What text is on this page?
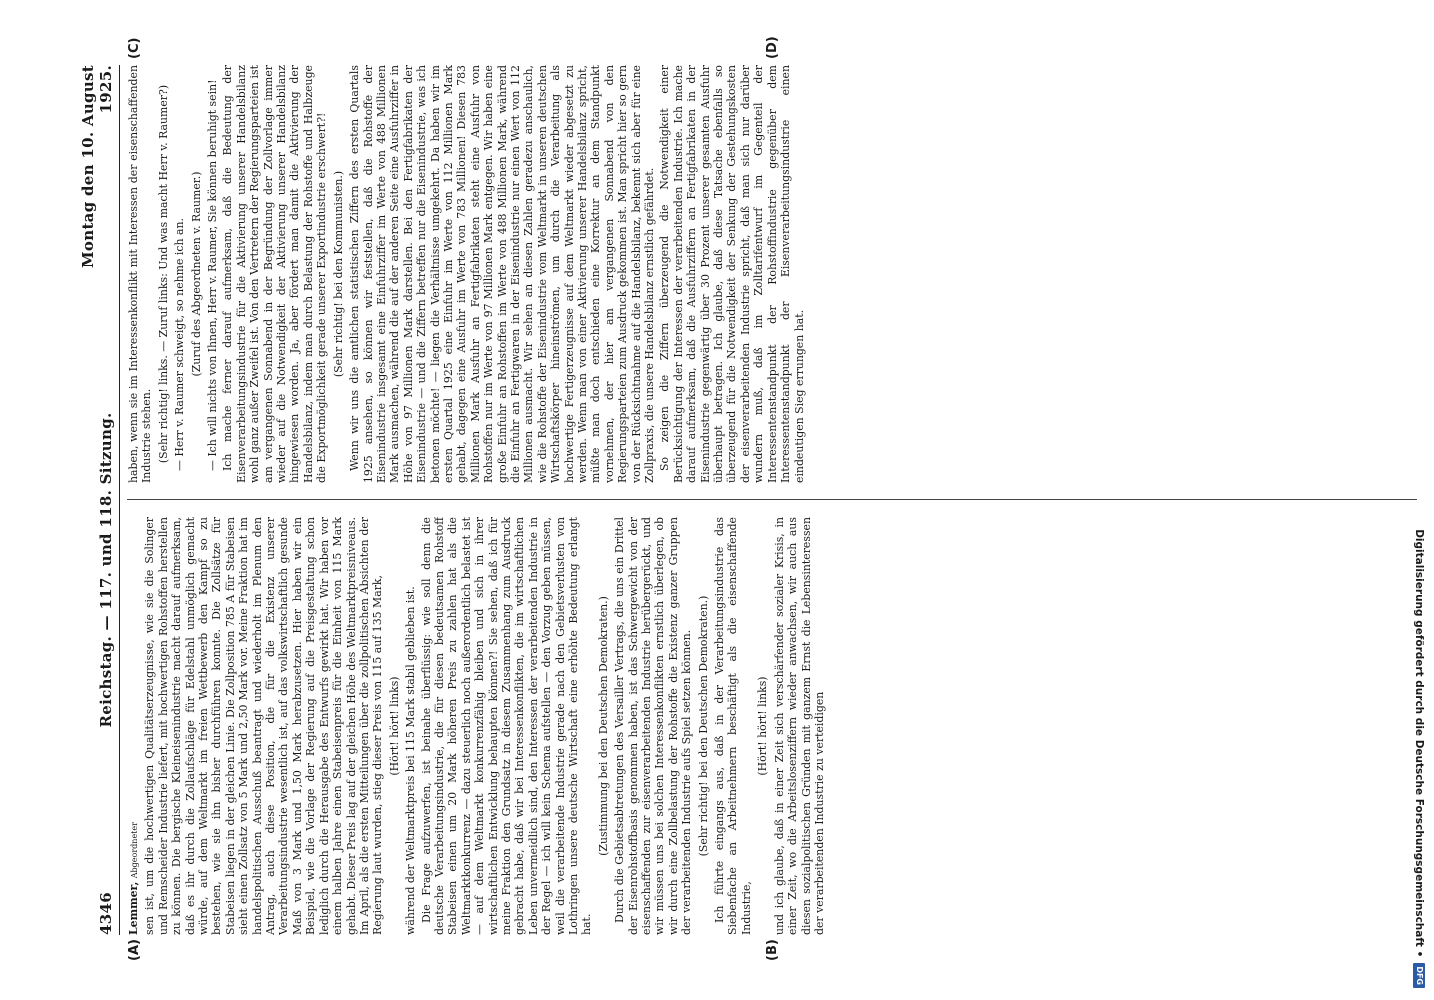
4346
Reichstag. — 117. und 118. Sitzung.
Montag den 10. August 1925.
(A)	(B)
(C)	(D)

Lemmer, Abgeordneter sen ist, um die hochwertigen Qualitätserzeugnisse, wie sie die Solinger und Remscheider Industrie liefert, mit hochwertigen Rohstoffen herstellen zu können. Die bergische Kleineisenindustrie macht darauf aufmerksam, daß es ihr durch die Zollaufschläge für Edelstahl unmöglich gemacht würde, auf dem Weltmarkt im freien Wettbewerb den Kampf so zu bestehen, wie sie ihn bisher durchführen konnte. Die Zollsätze für Stabeisen liegen in der gleichen Linie. Die Zollposition 785 A für Stabeisen sieht einen Zollsatz von 5 Mark und 2,50 Mark vor. Meine Fraktion hat im handelspolitischen Ausschuß beantragt und wiederholt im Plenum den Antrag, auch diese Position, die für die Existenz unserer Verarbeitungsindustrie wesentlich ist, auf das volkswirtschaftlich gesunde Maß von 3 Mark und 1,50 Mark herabzusetzen. Hier haben wir ein Beispiel, wie die Vorlage der Regierung auf die Preisgestaltung schon lediglich durch die Herausgabe des Entwurfs gewirkt hat. Wir haben vor einem halben Jahre einen Stabeisenpreis für die Einheit von 115 Mark gehabt. Dieser Preis lag auf der gleichen Höhe des Weltmarktpreisniveaus. Im April, als die ersten Mitteilungen über die zollpolitischen Absichten der Regierung laut wurden, stieg dieser Preis von 115 auf 135 Mark, (Hört! hört! links) während der Weltmarktpreis bei 115 Mark stabil geblieben ist. Die Frage aufzuwerfen, ist beinahe überflüssig: wie soll denn die deutsche Verarbeitungsindustrie, die für diesen bedeutsamen Rohstoff Stabeisen einen um 20 Mark höheren Preis zu zahlen hat als die Weltmarktkonkurrenz — dazu steuerlich noch außerordentlich belastet ist — auf dem Weltmarkt konkurrenzfähig bleiben und sich in ihrer wirtschaftlichen Entwicklung behaupten können?! Sie sehen, daß ich für meine Fraktion den Grundsatz in diesem Zusammenhang zum Ausdruck gebracht habe, daß wir bei Interessenkonflikten, die im wirtschaftlichen Leben unvermeidlich sind, den Interessen der verarbeitenden Industrie in der Regel — ich will kein Schema aufstellen — den Vorzug geben müssen, weil die verarbeitende Industrie gerade nach den Gebietsverlusten von Lothringen unsere deutsche Wirtschaft eine erhöhte Bedeutung erlangt hat.

(Zustimmung bei den Deutschen Demokraten.) Durch die Gebietsabtretungen des Versailler Vertrags, die uns ein Drittel der Eisenrohstoffbasis genommen haben, ist das Schwergewicht von der eisenschaffenden zur eisenverarbeitenden Industrie herübergerückt, und wir müssen uns bei solchen Interessenkonflikten ernstlich überlegen, ob wir durch eine Zollbelastung der Rohstoffe die Existenz ganzer Gruppen der verarbeitenden Industrie aufs Spiel setzen können. (Sehr richtig! bei den Deutschen Demokraten.) Ich führte eingangs aus, daß in der Verarbeitungsindustrie das Siebenfache an Arbeitnehmern beschäftigt als die eisenschaffende Industrie,

(Hört! hört! links) und ich glaube, daß in einer Zeit sich verschärfender sozialer Krisis, in einer Zeit, wo die Arbeitslosenziffern wieder anwachsen, wir auch aus diesen sozialpolitischen Gründen mit ganzem Ernst die Lebensinteressen der verarbeitenden Industrie zu verteidigen

haben, wenn sie im Interessenkonflikt mit Interessen der eisenschaffenden Industrie stehen. (Sehr richtig! links. — Zuruf links: Und was macht Herr v. Raumer?) — Herr v. Raumer schweigt, so nehme ich an. (Zuruf des Abgeordneten v. Raumer.) — Ich will nichts von Ihnen, Herr v. Raumer, Sie können beruhigt sein! Ich mache ferner darauf aufmerksam, daß die Bedeutung der Eisenverarbeitungsindustrie für die Aktivierung unserer Handelsbilanz wohl ganz außer Zweifel ist. Von den Vertretern der Regierungsparteien ist am vergangenen Sonnabend in der Begründung der Zollvorlage immer wieder auf die Notwendigkeit der Aktivierung unserer Handelsbilanz hingewiesen worden. Ja, aber fördert man damit die Aktivierung der Handelsbilanz, indem man durch Belastung der Rohstoffe und Halbzeuge die Exportmöglichkeit gerade unserer Exportindustrie erschwert?! (Sehr richtig! bei den Kommunisten.) Wenn wir uns die amtlichen statistischen Ziffern des ersten Quartals 1925 ansehen, so können wir feststellen, daß die Rohstoffe der Eisenindustrie insgesamt eine Einfuhrziffer im Werte von 488 Millionen Mark ausmachen, während die auf der anderen Seite eine Ausfuhrziffer in Höhe von 97 Millionen Mark darstellen. Bei den Fertigfabrikaten der Eisenindustrie — und die Ziffern betreffen nur die Eisenindustrie, was ich betonen möchte! — liegen die Verhältnisse umgekehrt. Da haben wir im ersten Quartal 1925 eine Einfuhr im Werte von 112 Millionen Mark gehabt, dagegen eine Ausfuhr im Werte von 783 Millionen! Diesen 783 Millionen Mark Ausfuhr an Fertigfabrikaten steht eine Ausfuhr von Rohstoffen nur im Werte von 97 Millionen Mark entgegen. Wir haben eine große Einfuhr an Rohstoffen im Werte von 488 Millionen Mark, während die Einfuhr an Fertigwaren in der Eisenindustrie nur einen Wert von 112 Millionen ausmacht. Wir sehen an diesen Zahlen geradezu anschaulich, wie die Rohstoffe der Eisenindustrie vom Weltmarkt in unseren deutschen Wirtschaftskörper hineinströmen, um durch die Verarbeitung als hochwertige Fertigerzeugnisse auf dem Weltmarkt wieder abgesetzt zu werden. Wenn man von einer Aktivierung unserer Handelsbilanz spricht, müßte man doch entschieden eine Korrektur an dem Standpunkt vornehmen, der hier am vergangenen Sonnabend von den Regierungsparteien zum Ausdruck gekommen ist. Man spricht hier so gern von der Rücksichtnahme auf die Handelsbilanz, bekennt sich aber für eine Zollpraxis, die unsere Handelsbilanz ernstlich gefährdet. So zeigen die Ziffern überzeugend die Notwendigkeit einer Berücksichtigung der Interessen der verarbeitenden Industrie. Ich mache darauf aufmerksam, daß die Ausfuhrziffern an Fertigfabrikaten in der Eisenindustrie gegenwärtig über 30 Prozent unserer gesamten Ausfuhr überhaupt betragen. Ich glaube, daß diese Tatsache ebenfalls so überzeugend für die Notwendigkeit der Senkung der Gestehungskosten der eisenverarbeitenden Industrie spricht, daß man sich nur darüber wundern muß, daß im Zolltarifentwurf im Gegenteil der Interessentenstandpunkt der Rohstoffindustrie gegenüber dem Interessentenstandpunkt der Eisenverarbeitungsindustrie einen eindeutigen Sieg errungen hat.

Digitalisierung gefördert durch die Deutsche Forschungsgemeinschaft •
DFG
